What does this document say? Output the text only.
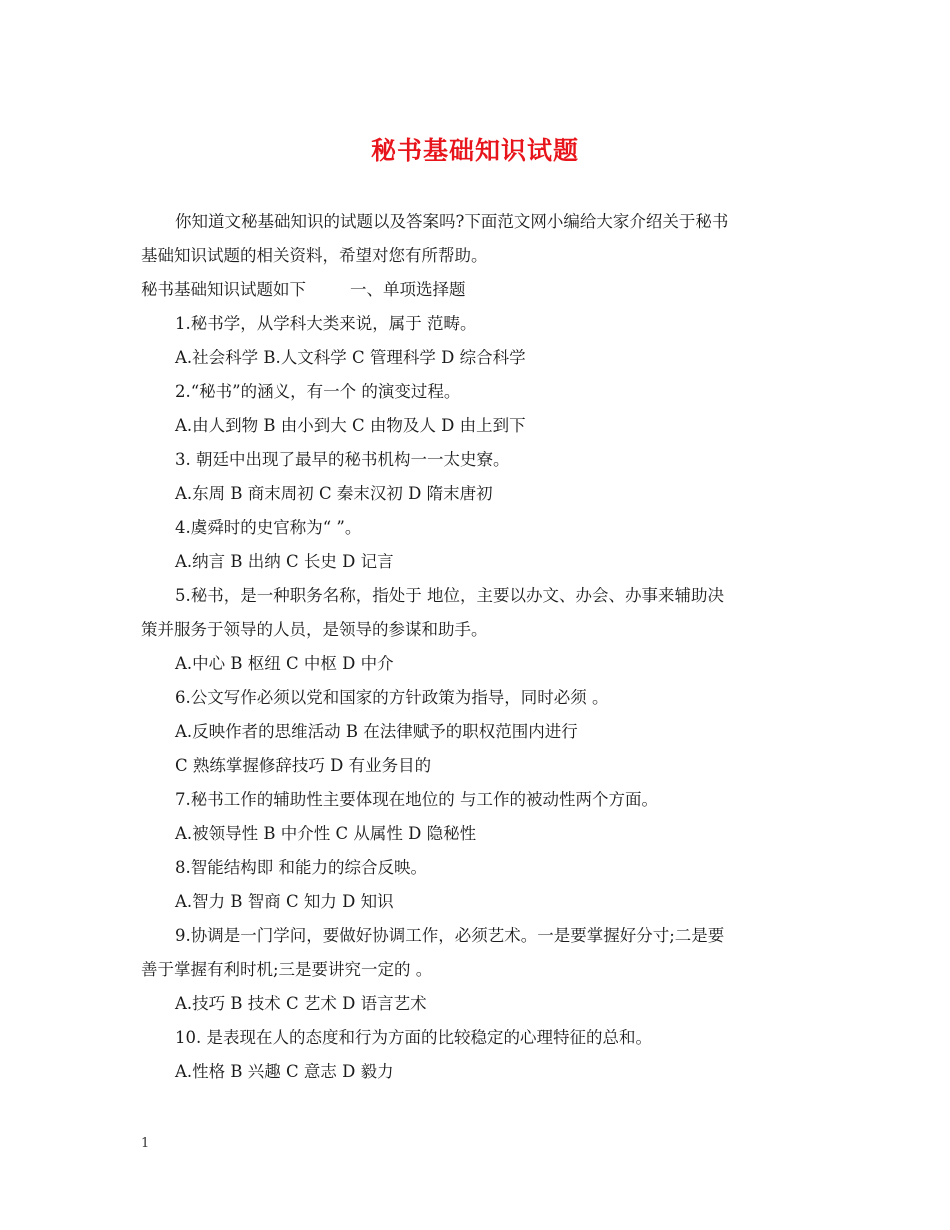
秘书基础知识试题
你知道文秘基础知识的试题以及答案吗?下面范文网小编给大家介绍关于秘书
基础知识试题的相关资料，希望对您有所帮助。
秘书基础知识试题如下	一、单项选择题
1.秘书学，从学科大类来说，属于 范畴。
A.社会科学 B.人文科学 C 管理科学 D 综合科学
2.“秘书”的涵义，有一个 的演变过程。
A.由人到物 B 由小到大 C 由物及人 D 由上到下
3. 朝廷中出现了最早的秘书机构一一太史寮。
A.东周 B 商末周初 C 秦末汉初 D 隋末唐初
4.虞舜时的史官称为“ ”。
A.纳言 B 出纳 C 长史 D 记言
5.秘书，是一种职务名称，指处于 地位，主要以办文、办会、办事来辅助决
策并服务于领导的人员，是领导的参谋和助手。
A.中心 B 枢纽 C 中枢 D 中介
6.公文写作必须以党和国家的方针政策为指导，同时必须 。
A.反映作者的思维活动 B 在法律赋予的职权范围内进行
C 熟练掌握修辞技巧 D 有业务目的
7.秘书工作的辅助性主要体现在地位的 与工作的被动性两个方面。
A.被领导性 B 中介性 C 从属性 D 隐秘性
8.智能结构即 和能力的综合反映。
A.智力 B 智商 C 知力 D 知识
9.协调是一门学问，要做好协调工作，必须艺术。一是要掌握好分寸;二是要
善于掌握有利时机;三是要讲究一定的 。
A.技巧 B 技术 C 艺术 D 语言艺术
10. 是表现在人的态度和行为方面的比较稳定的心理特征的总和。
A.性格 B 兴趣 C 意志 D 毅力
1
